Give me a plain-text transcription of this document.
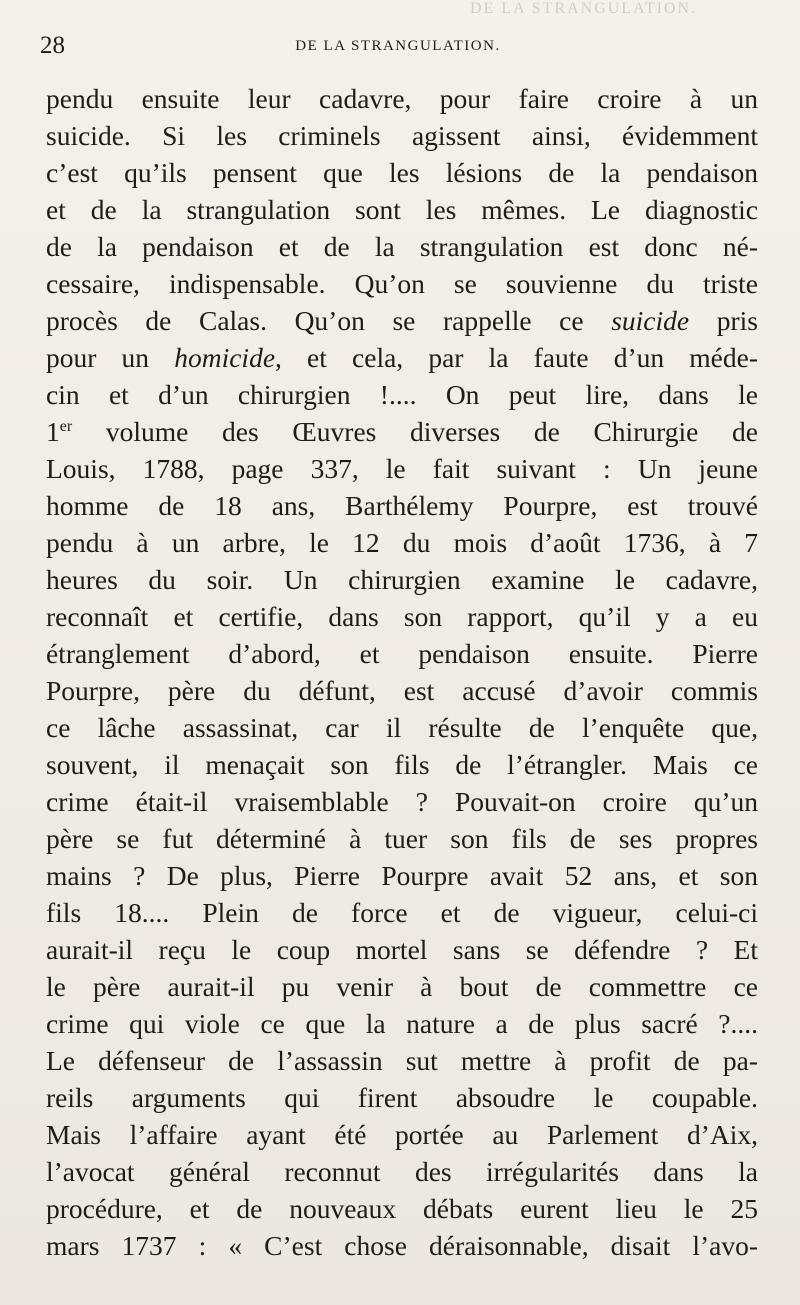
DE LA STRANGULATION.
28	DE LA STRANGULATION.
pendu ensuite leur cadavre, pour faire croire à un
suicide. Si les criminels agissent ainsi, évidemment
c’est qu’ils pensent que les lésions de la pendaison
et de la strangulation sont les mêmes. Le diagnostic
de la pendaison et de la strangulation est donc né-
cessaire, indispensable. Qu’on se souvienne du triste
procès de Calas. Qu’on se rappelle ce suicide pris
pour un homicide, et cela, par la faute d’un méde-
cin et d’un chirurgien !.... On peut lire, dans le
1er volume des Œuvres diverses de Chirurgie de
Louis, 1788, page 337, le fait suivant : Un jeune
homme de 18 ans, Barthélemy Pourpre, est trouvé
pendu à un arbre, le 12 du mois d’août 1736, à 7
heures du soir. Un chirurgien examine le cadavre,
reconnaît et certifie, dans son rapport, qu’il y a eu
étranglement d’abord, et pendaison ensuite. Pierre
Pourpre, père du défunt, est accusé d’avoir commis
ce lâche assassinat, car il résulte de l’enquête que,
souvent, il menaçait son fils de l’étrangler. Mais ce
crime était-il vraisemblable ? Pouvait-on croire qu’un
père se fut déterminé à tuer son fils de ses propres
mains ? De plus, Pierre Pourpre avait 52 ans, et son
fils 18.... Plein de force et de vigueur, celui-ci
aurait-il reçu le coup mortel sans se défendre ? Et
le père aurait-il pu venir à bout de commettre ce
crime qui viole ce que la nature a de plus sacré ?....
Le défenseur de l’assassin sut mettre à profit de pa-
reils arguments qui firent absoudre le coupable.
Mais l’affaire ayant été portée au Parlement d’Aix,
l’avocat général reconnut des irrégularités dans la
procédure, et de nouveaux débats eurent lieu le 25
mars 1737 : « C’est chose déraisonnable, disait l’avo-
